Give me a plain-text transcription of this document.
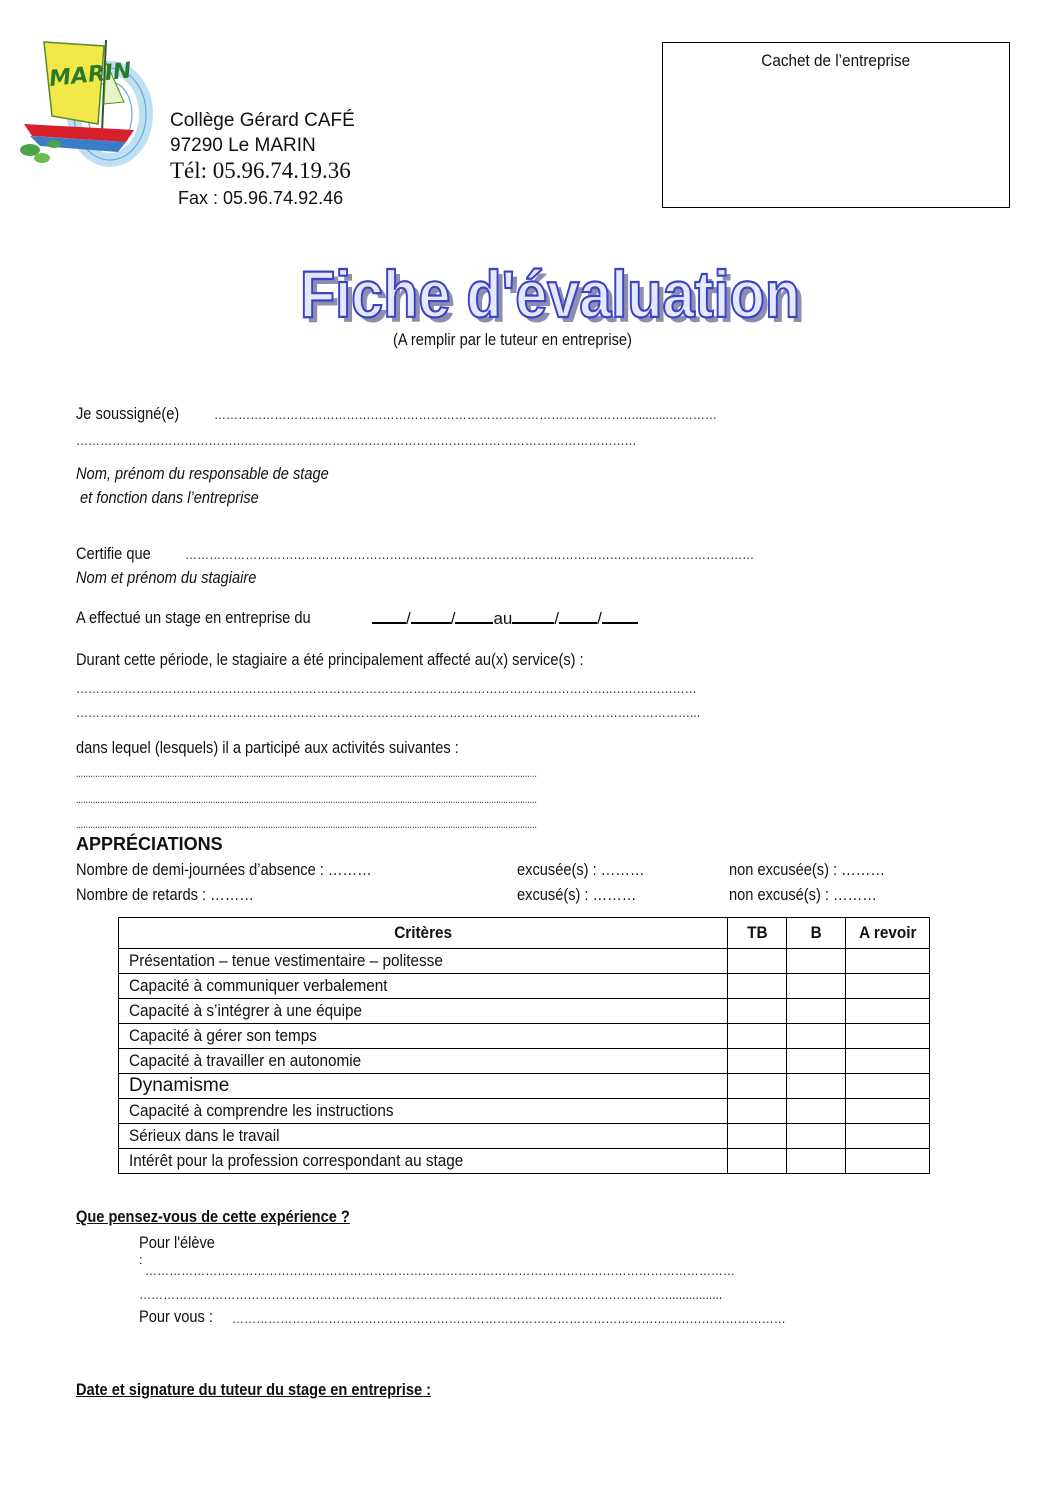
MARIN
Collège Gérard CAFÉ
97290 Le MARIN
Tél: 05.96.74.19.36
Fax : 05.96.74.92.46
Cachet de l’entreprise
Fiche d'évaluation
Fiche d'évaluation
(A remplir par le tuteur en entreprise)
Je soussigné(e) ……………………………………………………………………………………………..........…………
…………………………………….………………………………………………………………….…………………
Nom, prénom du responsable de stage
et fonction dans l’entreprise
Certifie que ……………………………………………………………………………….……………………………………………
Nom et prénom du stagiaire
A effectué un stage en entreprise du	/ / au / /
Durant cette période, le stagiaire a été principalement affecté au(x) service(s) :
……………………………………………………………………………………………………………………..…………………
………………………………………………………………………………………………………………………………………...
dans lequel (lesquels) il a participé aux activités suivantes :
................................................................................................................................................................................................
................................................................................................................................................................................................
................................................................................................................................................................................................
APPRÉCIATIONS
Nombre de demi-journées d’absence : ………	excusée(s) : ………	non excusée(s) : ………
Nombre de retards : ………	excusé(s) : ………	non excusé(s) : ………
Critères	TB	B	A revoir
Présentation – tenue vestimentaire – politesse			
Capacité à communiquer verbalement			
Capacité à s’intégrer à une équipe			
Capacité à gérer son temps			
Capacité à travailler en autonomie			
Dynamisme			
Capacité à comprendre les instructions			
Sérieux dans le travail			
Intérêt pour la profession correspondant au stage			
Que pensez-vous de cette expérience ?
Pour l'élève
:
…………………………………………………………………………………………………………………………………
……………………………………………………………………………………………………………………................
Pour vous : …………………………………………………………………………………………………………………………
Date et signature du tuteur du stage en entreprise :
